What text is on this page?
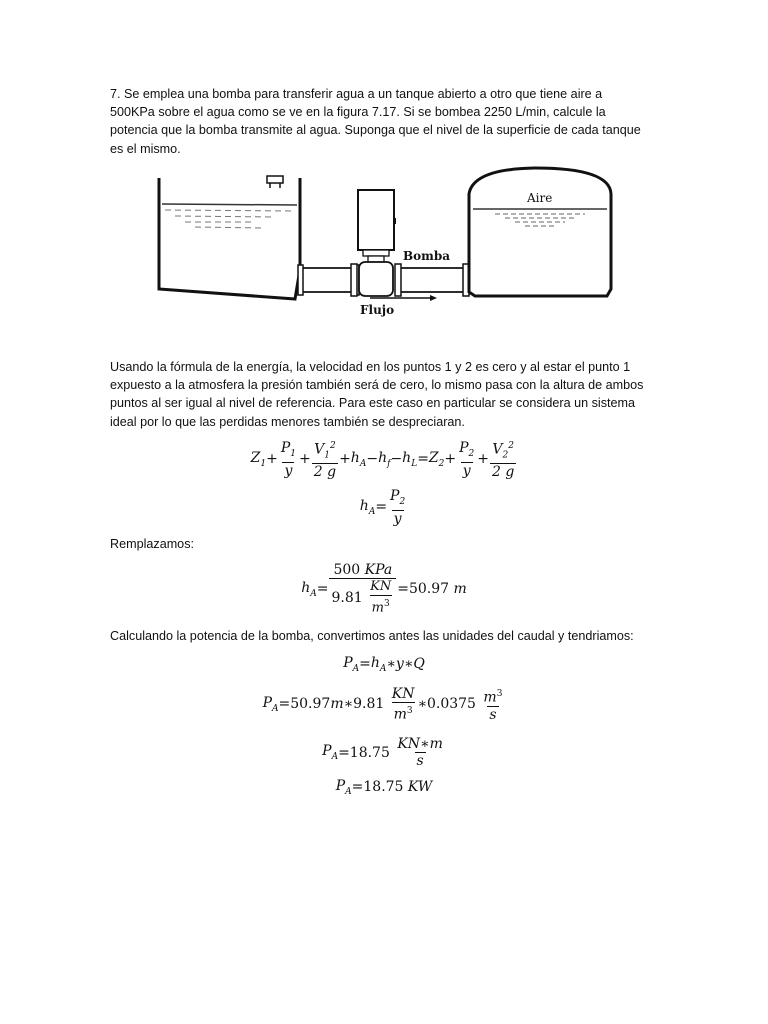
7. Se emplea una bomba para transferir agua a un tanque abierto a otro que tiene aire a 500KPa sobre el agua como se ve en la figura 7.17. Si se bombea 2250 L/min, calcule la potencia que la bomba transmite al agua. Suponga que el nivel de la superficie de cada tanque es el mismo.

Bomba
Flujo
Aire

Usando la fórmula de la energía, la velocidad en los puntos 1 y 2 es cero y al estar el punto 1 expuesto a la atmosfera la presión también será de cero, lo mismo pasa con la altura de ambos puntos al ser igual al nivel de referencia. Para este caso en particular se considera un sistema ideal por lo que las perdidas menores también se despreciaran.

$Z_1 + \frac{P_1}{y} + \frac{V_1^2}{2 g} + h_A - h_f - h_L = Z_2 + \frac{P_2}{y} + \frac{V_2^2}{2 g}$
$h_A = \frac{P_2}{y}$

Remplazamos:

$h_A = 500$ KPa
9.81
$\frac{KN}{m^3} = 50.97$
m

Calculando la potencia de la bomba, convertimos antes las unidades del caudal y tendriamos:

$P_A = h_A$ ∗ y ∗ Q
$P_A = 50.97$ m ∗ 9.81
$\frac{KN}{m^3}$ ∗ 0.0375
$\frac{m^3}{s}$
$P_A = 18.75$
$\frac{KN∗m}{s}$
$P_A = 18.75$
KW
